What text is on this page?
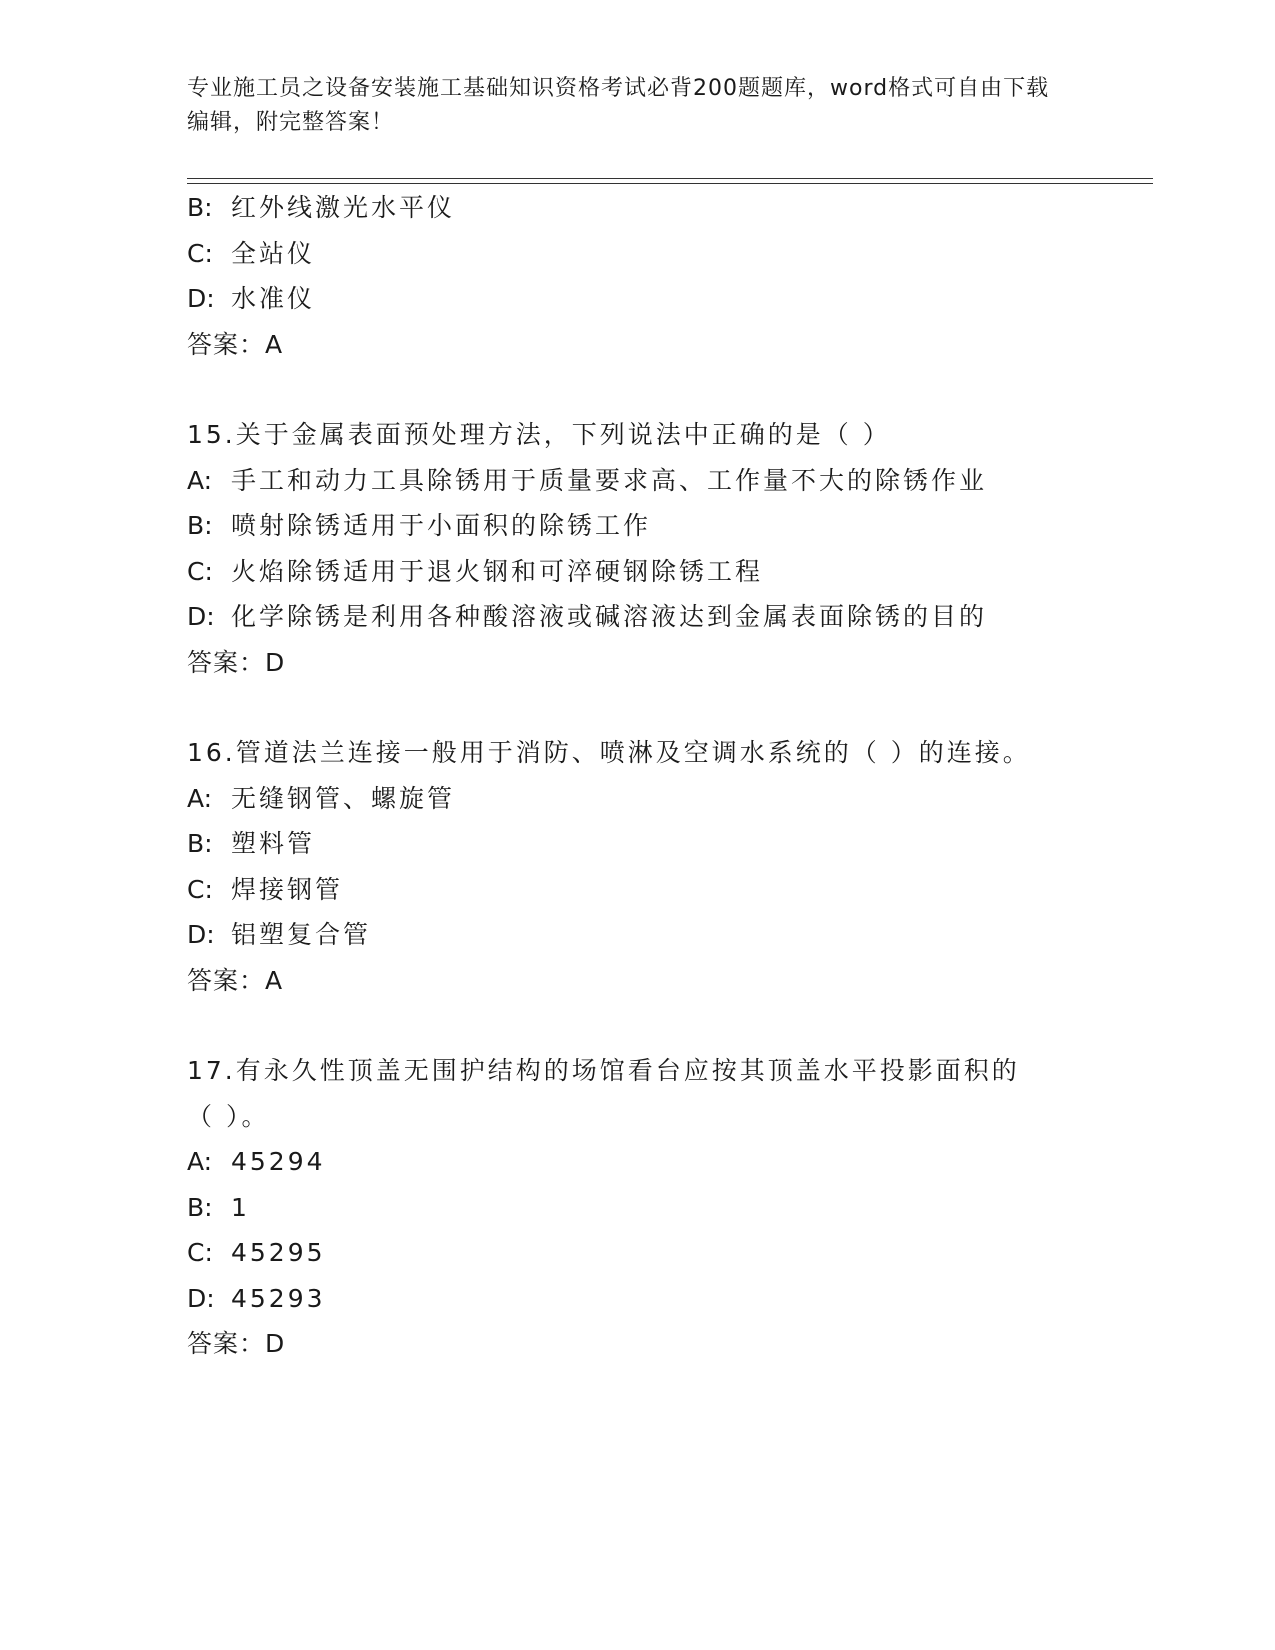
专业施工员之设备安装施工基础知识资格考试必背200题题库，word格式可自由下载编辑，附完整答案！
B: 红外线激光水平仪
C: 全站仪
D: 水准仪
答案：A
15.关于金属表面预处理方法，下列说法中正确的是（ ）
A: 手工和动力工具除锈用于质量要求高、工作量不大的除锈作业
B: 喷射除锈适用于小面积的除锈工作
C: 火焰除锈适用于退火钢和可淬硬钢除锈工程
D: 化学除锈是利用各种酸溶液或碱溶液达到金属表面除锈的目的
答案：D
16.管道法兰连接一般用于消防、喷淋及空调水系统的（ ）的连接。
A: 无缝钢管、螺旋管
B: 塑料管
C: 焊接钢管
D: 铝塑复合管
答案：A
17.有永久性顶盖无围护结构的场馆看台应按其顶盖水平投影面积的（ ）。
A: 45294
B: 1
C: 45295
D: 45293
答案：D
